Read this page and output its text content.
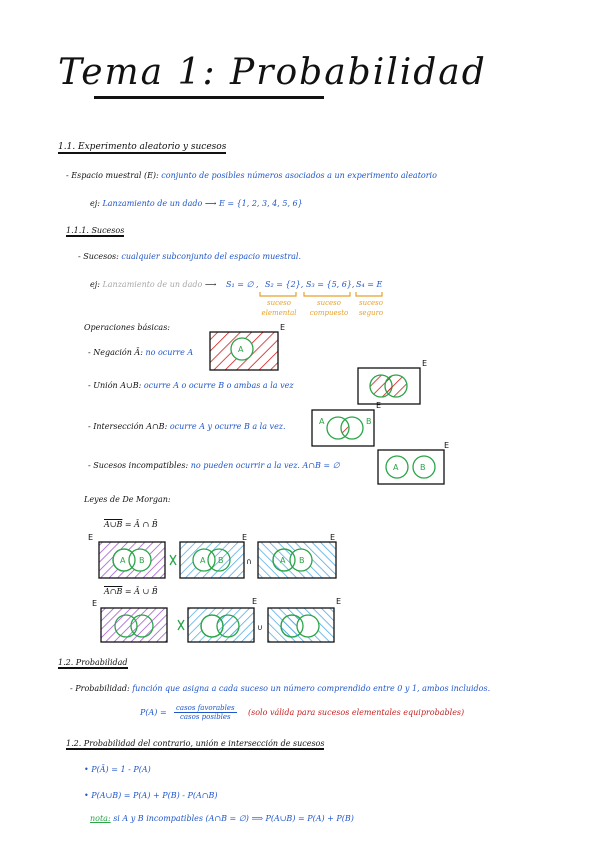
Tema 1: Probabilidad
1.1. Experimento aleatorio y sucesos
- Espacio muestral (E): conjunto de posibles números asociados a un experimento aleatorio
ej: Lanzamiento de un dado ⟶ E = {1, 2, 3, 4, 5, 6}
1.1.1. Sucesos
- Sucesos: cualquier subconjunto del espacio muestral.
ej: Lanzamiento de un dado ⟶ S₁ = ∅ , S₂ = {2}, S₃ = {5, 6}, S₄ = E
suceso elemental
suceso compuesto
suceso seguro
Operaciones básicas:
- Negación Ā: no ocurre A	A
E
- Unión A∪B: ocurre A o ocurre B o ambas a la vez
E
- Intersección A∩B: ocurre A y ocurre B a la vez.
A	B
E
- Sucesos incompatibles: no pueden ocurrir a la vez. A∩B = ∅	A	B
E
Leyes de De Morgan:
A∪B = Ā ∩ B̄
A B
E
A B
E
∩	A B
E
A∩B = Ā ∪ B̄
E	E
∪
E
1.2. Probabilidad
- Probabilidad: función que asigna a cada suceso un número comprendido entre 0 y 1, ambos incluidos.
P(A) = casos favorables
casos posibles	(solo válida para sucesos elementales equiprobables)
1.2. Probabilidad del contrario, unión e intersección de sucesos
• P(Ā) = 1 - P(A)
• P(A∪B) = P(A) + P(B) - P(A∩B)
nota: si A y B incompatibles (A∩B = ∅) ⟹ P(A∪B) = P(A) + P(B)
